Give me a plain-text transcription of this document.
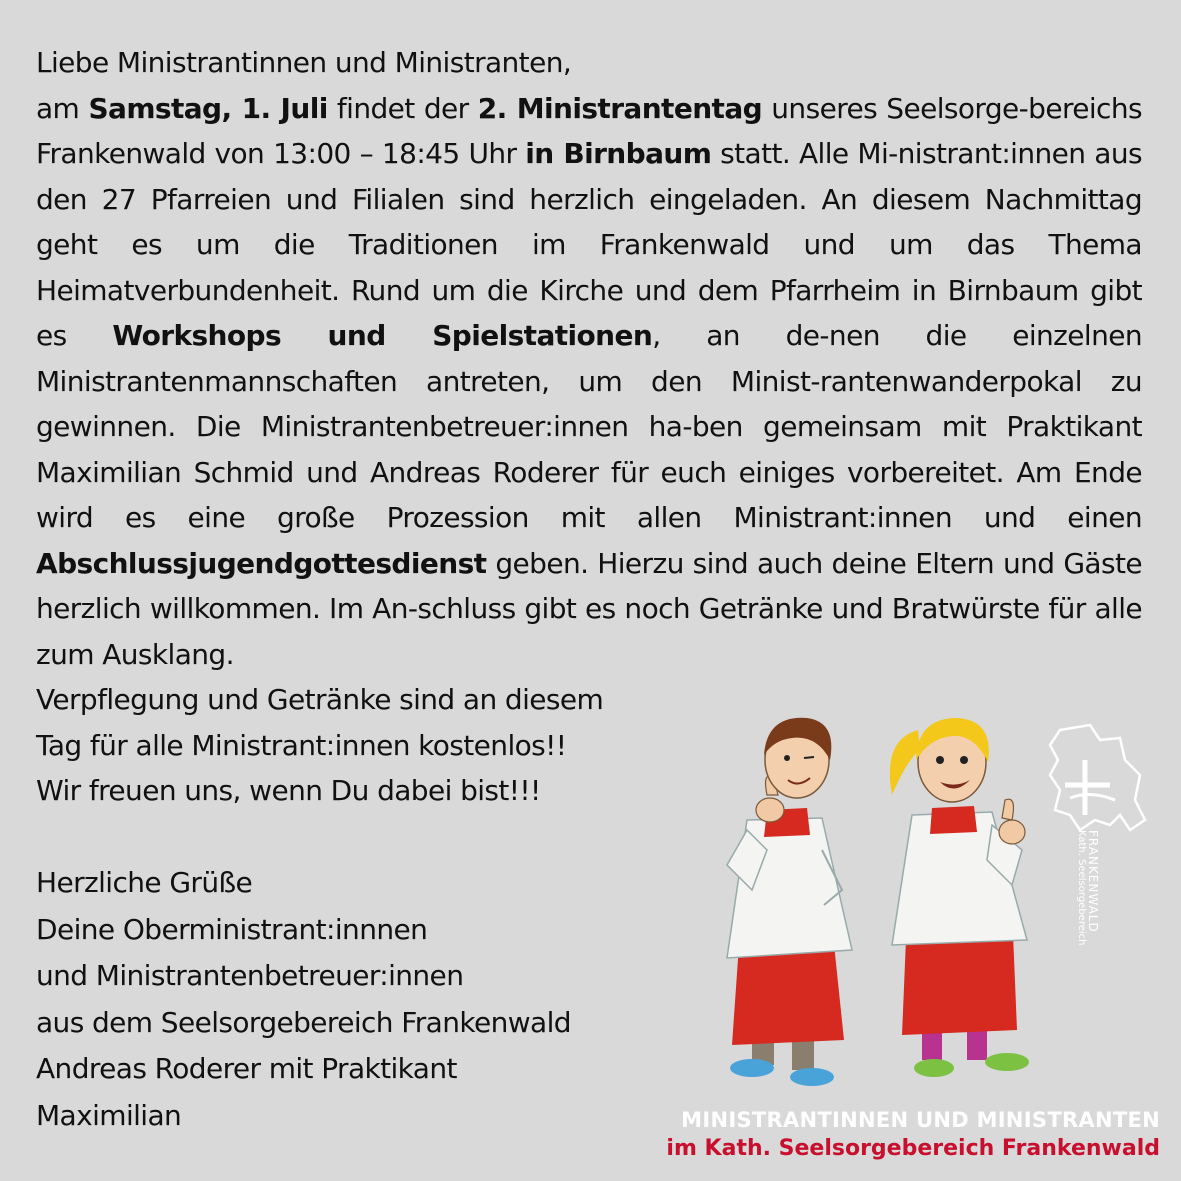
Liebe Ministrantinnen und Ministranten,

am Samstag, 1. Juli findet der 2. Ministrantentag unseres Seelsorge-bereichs Frankenwald von 13:00 – 18:45 Uhr in Birnbaum statt. Alle Mi-nistrant:innen aus den 27 Pfarreien und Filialen sind herzlich eingeladen. An diesem Nachmittag geht es um die Traditionen im Frankenwald und um das Thema Heimatverbundenheit. Rund um die Kirche und dem Pfarrheim in Birnbaum gibt es Workshops und Spielstationen, an de-nen die einzelnen Ministrantenmannschaften antreten, um den Minist-rantenwanderpokal zu gewinnen. Die Ministrantenbetreuer:innen ha-ben gemeinsam mit Praktikant Maximilian Schmid und Andreas Roderer für euch einiges vorbereitet. Am Ende wird es eine große Prozession mit allen Ministrant:innen und einen Abschlussjugendgottesdienst geben. Hierzu sind auch deine Eltern und Gäste herzlich willkommen. Im An-schluss gibt es noch Getränke und Bratwürste für alle zum Ausklang.

Verpflegung und Getränke sind an diesem
Tag für alle Ministrant:innen kostenlos!!
Wir freuen uns, wenn Du dabei bist!!!
Herzliche Grüße
Deine Oberministrant:innnen
und Ministrantenbetreuer:innen
aus dem Seelsorgebereich Frankenwald
Andreas Roderer mit Praktikant
Maximilian
FRANKENWALD
Kath. Seelsorgebereich
MINISTRANTINNEN UND MINISTRANTEN
im Kath. Seelsorgebereich Frankenwald
